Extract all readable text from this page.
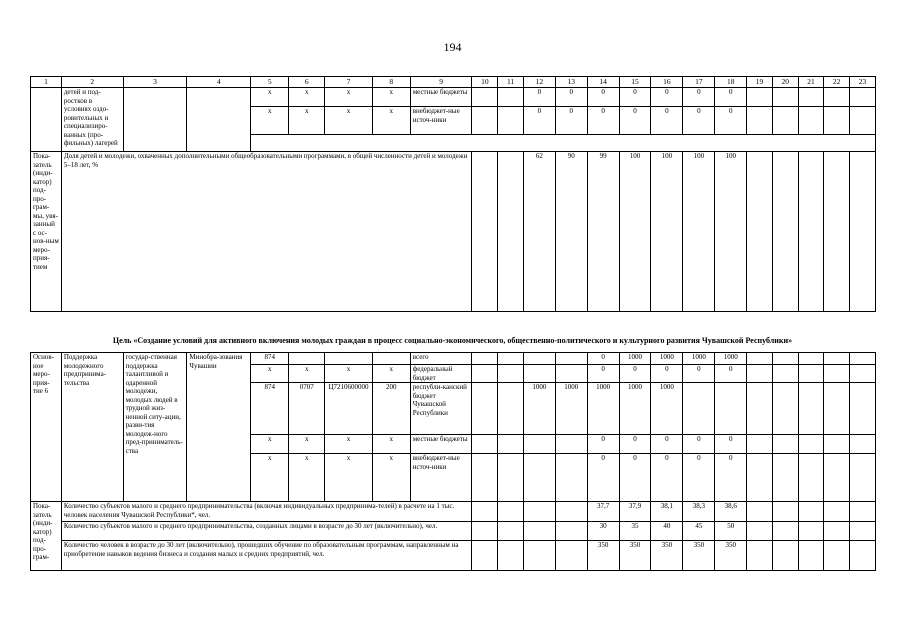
194
1	2	3	4	5	6	7	8	9	10	11	12	13	14	15	16	17	18	19	20	21	22	23
	детей и под-ростков в условиях оздо-ровительных и специализиро-ванных (про-фильных) лагерей			x	x	x	x	местные бюджеты			0	0	0	0	0	0	0					
				x	x	x	x	внебюджет-ные источ-ники			0	0	0	0	0	0	0					

Пока-затель (инди-катор) под-про-грам-мы, увя-занный с ос-нов-ным меро-прия-тием	Доля детей и молодежи, охваченных дополнительными общеобразовательными программами, в общей численности детей и молодежи 5–18 лет, %										62	90	99	100	100	100	100					
Цель «Создание условий для активного включения молодых граждан в процесс социально-экономического, общественно-политического и культурного развития Чувашской Республики»
Основ-ное меро-прия-тие 6	Поддержка молодежного предпринима-тельства	государ-ственная поддержка талантливой и одаренной молодежи, молодых людей в трудной жиз-ненной ситу-ации, разви-тия молодеж-ного пред-приниматель-ства	Минобра-зования Чувашии	874				всего					0	1000	1000	1000	1000					
				x	x	x	x	федеральный бюджет					0	0	0	0	0					
				874	0707	Ц7210600000	200	республи-канский бюджет Чувашской Республики			1000	1000	1000	1000	1000							
				x	x	x	x	местные бюджеты					0	0	0	0	0					
				x	x	x	x	внебюджет-ные источ-ники					0	0	0	0	0					
Пока-затель (инди-катор) под-про-грам-	Количество субъектов малого и среднего предпринимательства (включая индивидуальных предпринима-телей) в расчете на 1 тыс. человек населения Чувашской Республики*, чел.												37,7	37,9	38,1	38,3	38,6					
	Количество субъектов малого и среднего предпринимательства, созданных лицами в возрасте до 30 лет (включительно), чел.												30	35	40	45	50					
	Количество человек в возрасте до 30 лет (включительно), прошедших обучение по образовательным программам, направленным на приобретение навыков ведения бизнеса и создания малых и средних предприятий, чел.												350	350	350	350	350					
